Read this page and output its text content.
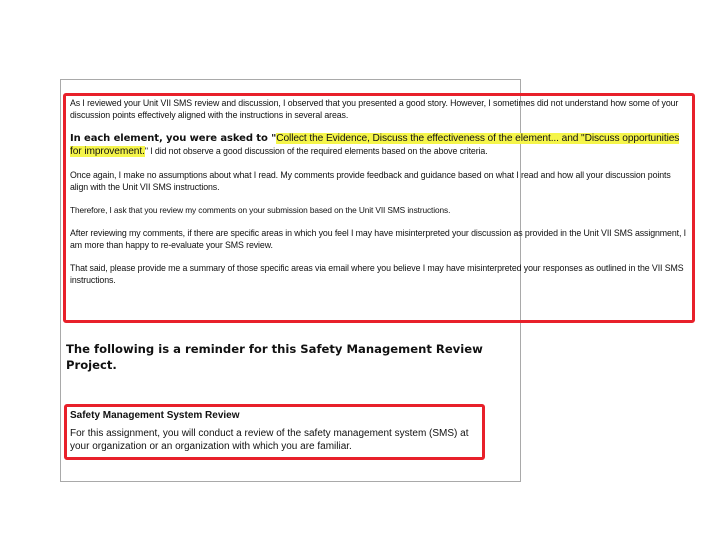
As I reviewed your Unit VII SMS review and discussion, I observed that you presented a good story. However, I sometimes did not understand how some of your discussion points effectively aligned with the instructions in several areas.

In each element, you were asked to "Collect the Evidence, Discuss the effectiveness of the element... and "Discuss opportunities for improvement." I did not observe a good discussion of the required elements based on the above criteria.

Once again, I make no assumptions about what I read. My comments provide feedback and guidance based on what I read and how all your discussion points align with the Unit VII SMS instructions.

Therefore, I ask that you review my comments on your submission based on the Unit VII SMS instructions.

After reviewing my comments, if there are specific areas in which you feel I may have misinterpreted your discussion as provided in the Unit VII SMS assignment, I am more than happy to re-evaluate your SMS review.

That said, please provide me a summary of those specific areas via email where you believe I may have misinterpreted your responses as outlined in the VII SMS instructions.

The following is a reminder for this Safety Management Review Project.

Safety Management System Review

For this assignment, you will conduct a review of the safety management system (SMS) at your organization or an organization with which you are familiar.
